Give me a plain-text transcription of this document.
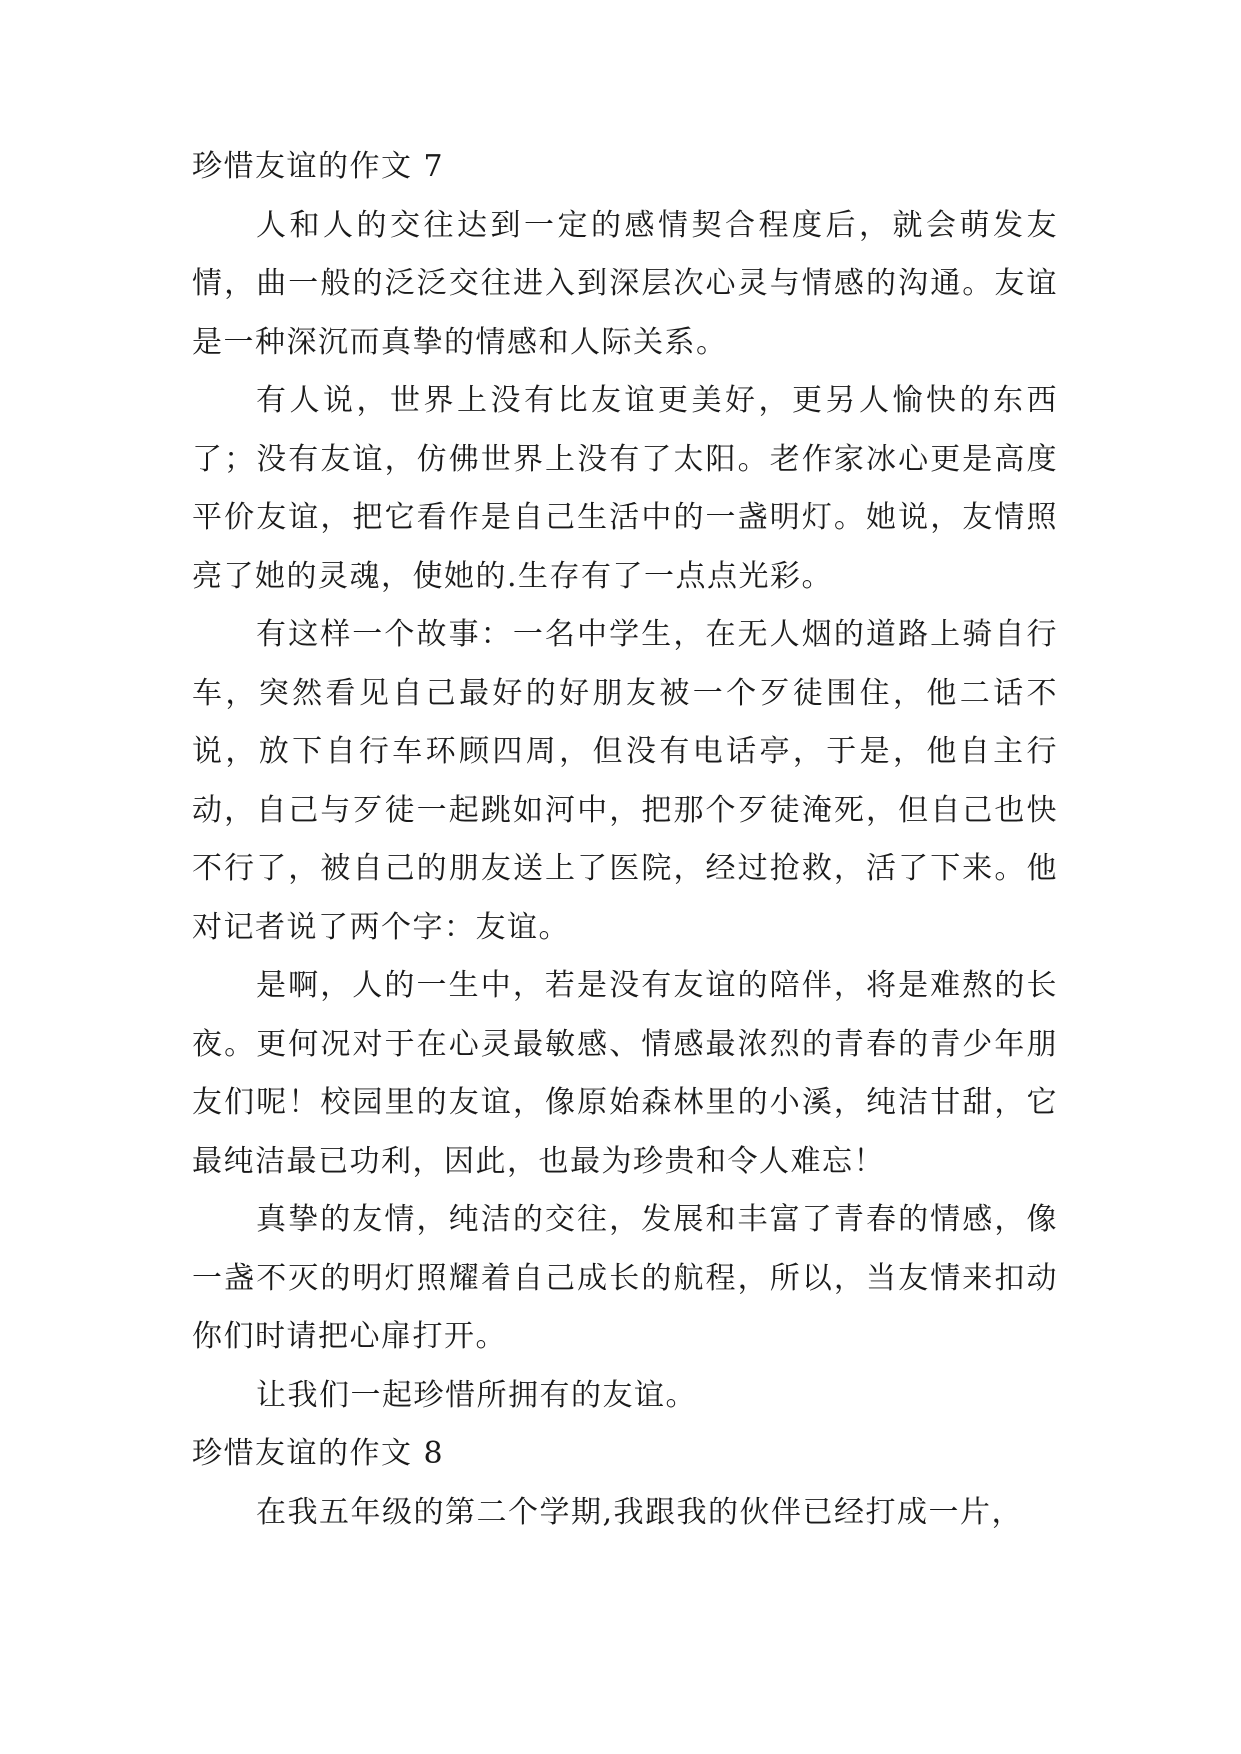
珍惜友谊的作文 7

人和人的交往达到一定的感情契合程度后，就会萌发友情，曲一般的泛泛交往进入到深层次心灵与情感的沟通。友谊是一种深沉而真挚的情感和人际关系。

有人说，世界上没有比友谊更美好，更另人愉快的东西了；没有友谊，仿佛世界上没有了太阳。老作家冰心更是高度平价友谊，把它看作是自己生活中的一盏明灯。她说，友情照亮了她的灵魂，使她的.生存有了一点点光彩。

有这样一个故事：一名中学生，在无人烟的道路上骑自行车，突然看见自己最好的好朋友被一个歹徒围住，他二话不说，放下自行车环顾四周，但没有电话亭，于是，他自主行动，自己与歹徒一起跳如河中，把那个歹徒淹死，但自己也快不行了，被自己的朋友送上了医院，经过抢救，活了下来。他对记者说了两个字：友谊。

是啊，人的一生中，若是没有友谊的陪伴，将是难熬的长夜。更何况对于在心灵最敏感、情感最浓烈的青春的青少年朋友们呢！校园里的友谊，像原始森林里的小溪，纯洁甘甜，它最纯洁最已功利，因此，也最为珍贵和令人难忘！

真挚的友情，纯洁的交往，发展和丰富了青春的情感，像一盏不灭的明灯照耀着自己成长的航程，所以，当友情来扣动你们时请把心扉打开。

让我们一起珍惜所拥有的友谊。

珍惜友谊的作文 8

在我五年级的第二个学期,我跟我的伙伴已经打成一片，
